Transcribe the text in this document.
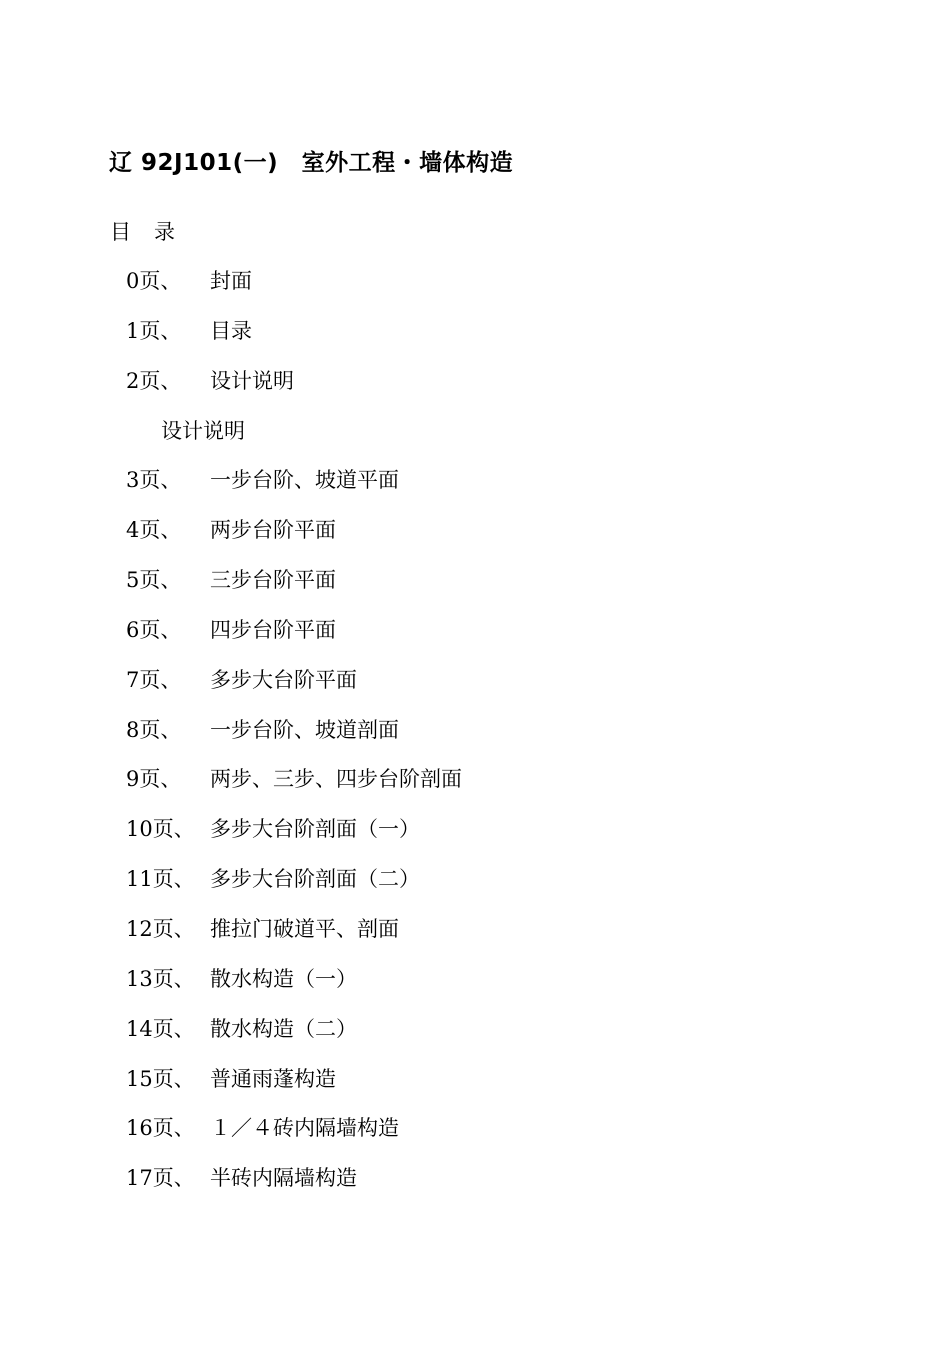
辽 92J101(一)　室外工程・墙体构造
目　录
0页、 封面
1页、 目录
2页、 设计说明
设计说明
3页、 一步台阶、坡道平面
4页、 两步台阶平面
5页、 三步台阶平面
6页、 四步台阶平面
7页、 多步大台阶平面
8页、 一步台阶、坡道剖面
9页、 两步、三步、四步台阶剖面
10页、 多步大台阶剖面（一）
11页、 多步大台阶剖面（二）
12页、 推拉门破道平、剖面
13页、 散水构造（一）
14页、 散水构造（二）
15页、 普通雨蓬构造
16页、 １／４砖内隔墙构造
17页、 半砖内隔墙构造
